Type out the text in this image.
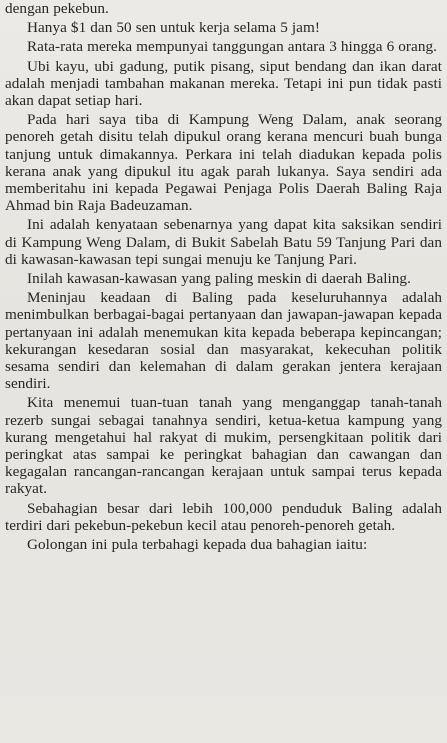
dengan pekebun.

Hanya $1 dan 50 sen untuk kerja selama 5 jam!

Rata-rata mereka mempunyai tanggungan antara 3 hingga 6 orang.

Ubi kayu, ubi gadung, putik pisang, siput bendang dan ikan darat adalah menjadi tambahan makanan mereka. Tetapi ini pun tidak pasti akan dapat setiap hari.

Pada hari saya tiba di Kampung Weng Dalam, anak seorang penoreh getah disitu telah dipukul orang kerana mencuri buah bunga tanjung untuk dimakannya. Perkara ini telah diadukan kepada polis kerana anak yang dipukul itu agak parah lukanya. Saya sendiri ada memberitahu ini kepada Pegawai Penjaga Polis Daerah Baling Raja Ahmad bin Raja Badeuzaman.

Ini adalah kenyataan sebenarnya yang dapat kita saksikan sendiri di Kampung Weng Dalam, di Bukit Sabelah Batu 59 Tanjung Pari dan di kawasan-kawasan tepi sungai menuju ke Tanjung Pari.

Inilah kawasan-kawasan yang paling meskin di daerah Baling.

Meninjau keadaan di Baling pada keseluruhannya adalah menimbulkan berbagai-bagai pertanyaan dan jawapan-jawapan kepada pertanyaan ini adalah menemukan kita kepada beberapa kepincangan; kekurangan kesedaran sosial dan masyarakat, kekecuhan politik sesama sendiri dan kelemahan di dalam gerakan jentera kerajaan sendiri.

Kita menemui tuan-tuan tanah yang menganggap tanah-tanah rezerb sungai sebagai tanahnya sendiri, ketua-ketua kampung yang kurang mengetahui hal rakyat di mukim, persengkitaan politik dari peringkat atas sampai ke peringkat bahagian dan cawangan dan kegagalan rancangan-rancangan kerajaan untuk sampai terus kepada rakyat.

Sebahagian besar dari lebih 100,000 penduduk Baling adalah terdiri dari pekebun-pekebun kecil atau penoreh-penoreh getah.

Golongan ini pula terbahagi kepada dua bahagian iaitu:
